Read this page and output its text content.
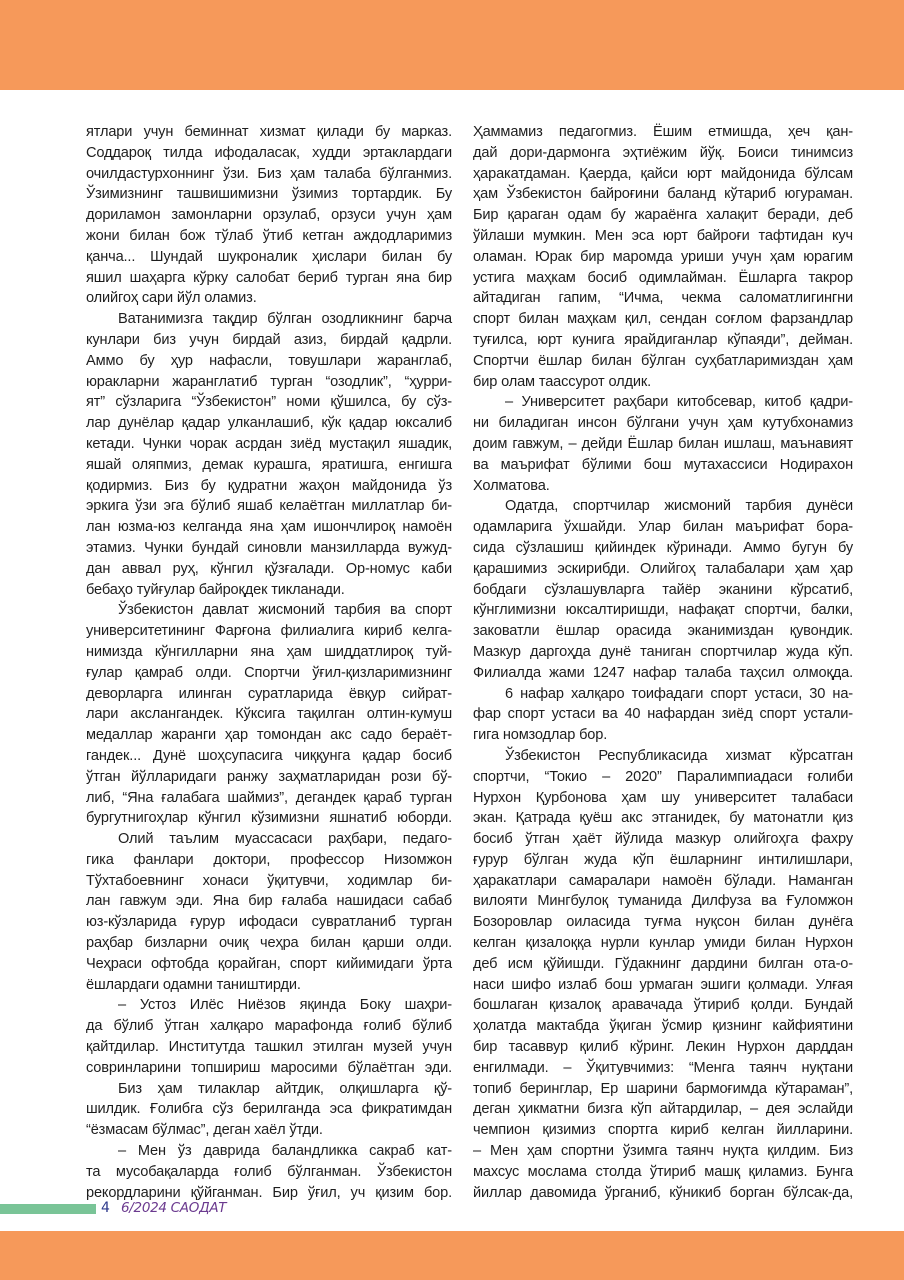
ятлари учун беминнат хизмат қилади бу марказ.
Соддароқ тилда ифодаласак, худди эртаклардаги
очилдастурхоннинг ўзи. Биз ҳам талаба бўлганмиз.
Ўзимизнинг ташвишимизни ўзимиз тортардик. Бу
дориламон замонларни орзулаб, орзуси учун ҳам
жони билан бож тўлаб ўтиб кетган аждодларимиз
қанча... Шундай шукроналик ҳислари билан бу
яшил шаҳарга кўрку салобат бериб турган яна бир
олийгоҳ сари йўл оламиз.
Ватанимизга тақдир бўлган озодликнинг барча
кунлари биз учун бирдай азиз, бирдай қадрли.
Аммо бу ҳур нафасли, товушлари жаранглаб,
юракларни жаранглатиб турган “озодлик”, “ҳурри-
ят” сўзларига “Ўзбекистон” номи қўшилса, бу сўз-
лар дунёлар қадар улканлашиб, кўк қадар юксалиб
кетади. Чунки чорак асрдан зиёд мустақил яшадик,
яшай оляпмиз, демак курашга, яратишга, енгишга
қодирмиз. Биз бу қудратни жаҳон майдонида ўз
эркига ўзи эга бўлиб яшаб келаётган миллатлар би-
лан юзма-юз келганда яна ҳам ишончлироқ намоён
этамиз. Чунки бундай синовли манзилларда вужуд-
дан аввал руҳ, кўнгил қўзғалади. Ор-номус каби
бебаҳо туйғулар байроқдек тикланади.
Ўзбекистон давлат жисмоний тарбия ва спорт
университетининг Фарғона филиалига кириб келга-
нимизда кўнгилларни яна ҳам шиддатлироқ туй-
ғулар қамраб олди. Спортчи ўғил-қизларимизнинг
деворларга илинган суратларида ёвқур сийрат-
лари акслангандек. Кўксига тақилган олтин-кумуш
медаллар жаранги ҳар томондан акс садо бераёт-
гандек... Дунё шоҳсупасига чиққунга қадар босиб
ўтган йўлларидаги ранжу заҳматларидан рози бў-
либ, “Яна ғалабага шаймиз”, дегандек қараб турган
бургутнигоҳлар кўнгил кўзимизни яшнатиб юборди.
Олий таълим муассасаси раҳбари, педаго-
гика фанлари доктори, профессор Низомжон
Тўхтабоевнинг хонаси ўқитувчи, ходимлар би-
лан гавжум эди. Яна бир ғалаба нашидаси сабаб
юз-кўзларида ғурур ифодаси сувратланиб турган
раҳбар бизларни очиқ чеҳра билан қарши олди.
Чеҳраси офтобда қорайган, спорт кийимидаги ўрта
ёшлардаги одамни таништирди.
– Устоз Илёс Ниёзов яқинда Боку шаҳри-
да бўлиб ўтган халқаро марафонда ғолиб бўлиб
қайтдилар. Институтда ташкил этилган музей учун
совринларини топшириш маросими бўлаётган эди.
Биз ҳам тилаклар айтдик, олқишларга қў-
шилдик. Ғолибга сўз берилганда эса фикратимдан
“ёзмасам бўлмас”, деган хаёл ўтди.
– Мен ўз даврида баландликка сакраб кат-
та мусобақаларда ғолиб бўлганман. Ўзбекистон
рекордларини қўйганман. Бир ўғил, уч қизим бор.
Ҳаммамиз педагогмиз. Ёшим етмишда, ҳеч қан-
дай дори-дармонга эҳтиёжим йўқ. Боиси тинимсиз
ҳаракатдаман. Қаерда, қайси юрт майдонида бўлсам
ҳам Ўзбекистон байроғини баланд кўтариб югураман.
Бир қараган одам бу жараёнга халақит беради, деб
ўйлаши мумкин. Мен эса юрт байроғи тафтидан куч
оламан. Юрак бир маромда уриши учун ҳам юрагим
устига маҳкам босиб одимлайман. Ёшларга такрор
айтадиган гапим, “Ичма, чекма саломатлигингни
спорт билан маҳкам қил, сендан соғлом фарзандлар
туғилса, юрт кунига ярайдиганлар кўпаяди”, дейман.
Спортчи ёшлар билан бўлган суҳбатларимиздан ҳам
бир олам таассурот олдик.
– Университет раҳбари китобсевар, китоб қадри-
ни биладиган инсон бўлгани учун ҳам кутубхонамиз
доим гавжум, – дейди Ёшлар билан ишлаш, маънавият
ва маърифат бўлими бош мутахассиси Нодирахон
Холматова.
Одатда, спортчилар жисмоний тарбия дунёси
одамларига ўхшайди. Улар билан маърифат бора-
сида сўзлашиш қийиндек кўринади. Аммо бугун бу
қарашимиз эскирибди. Олийгоҳ талабалари ҳам ҳар
бобдаги сўзлашувларга тайёр эканини кўрсатиб,
кўнглимизни юксалтиришди, нафақат спортчи, балки,
заковатли ёшлар орасида эканимиздан қувондик.
Мазкур даргоҳда дунё таниган спортчилар жуда кўп.
Филиалда жами 1247 нафар талаба таҳсил олмоқда.
6 нафар халқаро тоифадаги спорт устаси, 30 на-
фар спорт устаси ва 40 нафардан зиёд спорт устали-
гига номзодлар бор.
Ўзбекистон Республикасида хизмат кўрсатган
спортчи, “Токио – 2020” Паралимпиадаси ғолиби
Нурхон Қурбонова ҳам шу университет талабаси
экан. Қатрада қуёш акс этганидек, бу матонатли қиз
босиб ўтган ҳаёт йўлида мазкур олийгоҳга фахру
ғурур бўлган жуда кўп ёшларнинг интилишлари,
ҳаракатлари самаралари намоён бўлади. Наманган
вилояти Мингбулоқ туманида Дилфуза ва Ғуломжон
Бозоровлар оиласида туғма нуқсон билан дунёга
келган қизалоққа нурли кунлар умиди билан Нурхон
деб исм қўйишди. Гўдакнинг дардини билган ота-о-
наси шифо излаб бош урмаган эшиги қолмади. Улғая
бошлаган қизалоқ аравачада ўтириб қолди. Бундай
ҳолатда мактабда ўқиган ўсмир қизнинг кайфиятини
бир тасаввур қилиб кўринг. Лекин Нурхон дарддан
енгилмади. – Ўқитувчимиз: “Менга таянч нуқтани
топиб беринглар, Ер шарини бармоғимда кўтараман”,
деган ҳикматни бизга кўп айтардилар, – дея эслайди
чемпион қизимиз спортга кириб келган йилларини.
– Мен ҳам спортни ўзимга таянч нуқта қилдим. Биз
махсус мослама столда ўтириб машқ қиламиз. Бунга
йиллар давомида ўрганиб, кўникиб борган бўлсак-да,
4 6/2024 САОДАТ
